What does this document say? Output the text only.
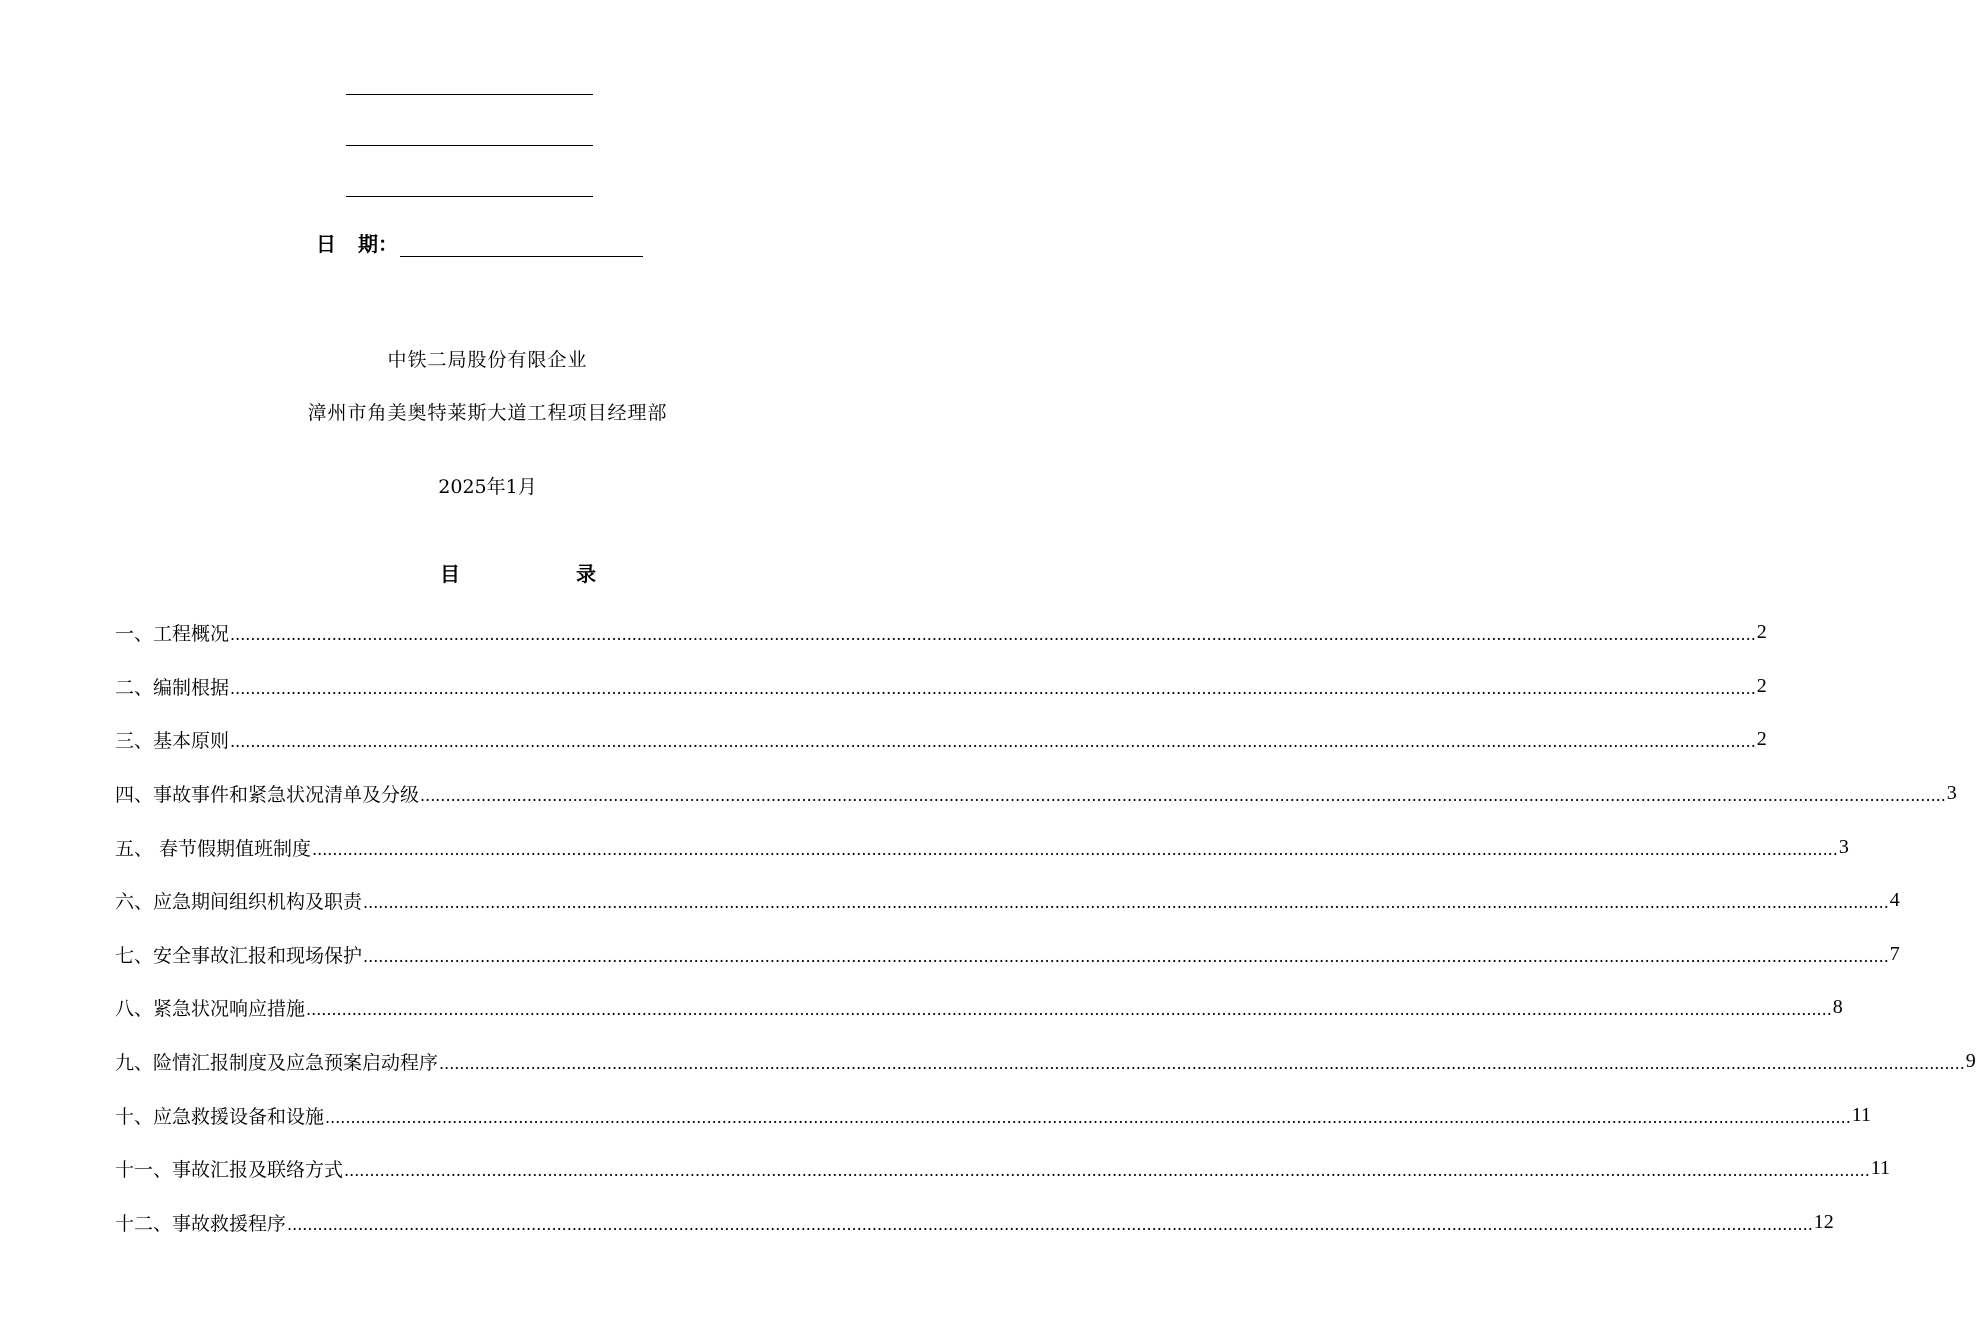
日 期：
中铁二局股份有限企业
漳州市角美奥特莱斯大道工程项目经理部
2025年1月
目	录
一、工程概况 ............................................................................................................................................................................................................................................................................................................ 2
二、编制根据 ............................................................................................................................................................................................................................................................................................................ 2
三、基本原则 ............................................................................................................................................................................................................................................................................................................ 2
四、事故事件和紧急状况清单及分级 ............................................................................................................................................................................................................................................................................................................ 3
五、 春节假期值班制度 ............................................................................................................................................................................................................................................................................................................ 3
六、应急期间组织机构及职责 ............................................................................................................................................................................................................................................................................................................ 4
七、安全事故汇报和现场保护 ............................................................................................................................................................................................................................................................................................................ 7
八、紧急状况响应措施 ............................................................................................................................................................................................................................................................................................................ 8
九、险情汇报制度及应急预案启动程序 ............................................................................................................................................................................................................................................................................................................ 9
十、应急救援设备和设施 ............................................................................................................................................................................................................................................................................................................ 11
十一、事故汇报及联络方式 ............................................................................................................................................................................................................................................................................................................ 11
十二、事故救援程序 ............................................................................................................................................................................................................................................................................................................ 12
